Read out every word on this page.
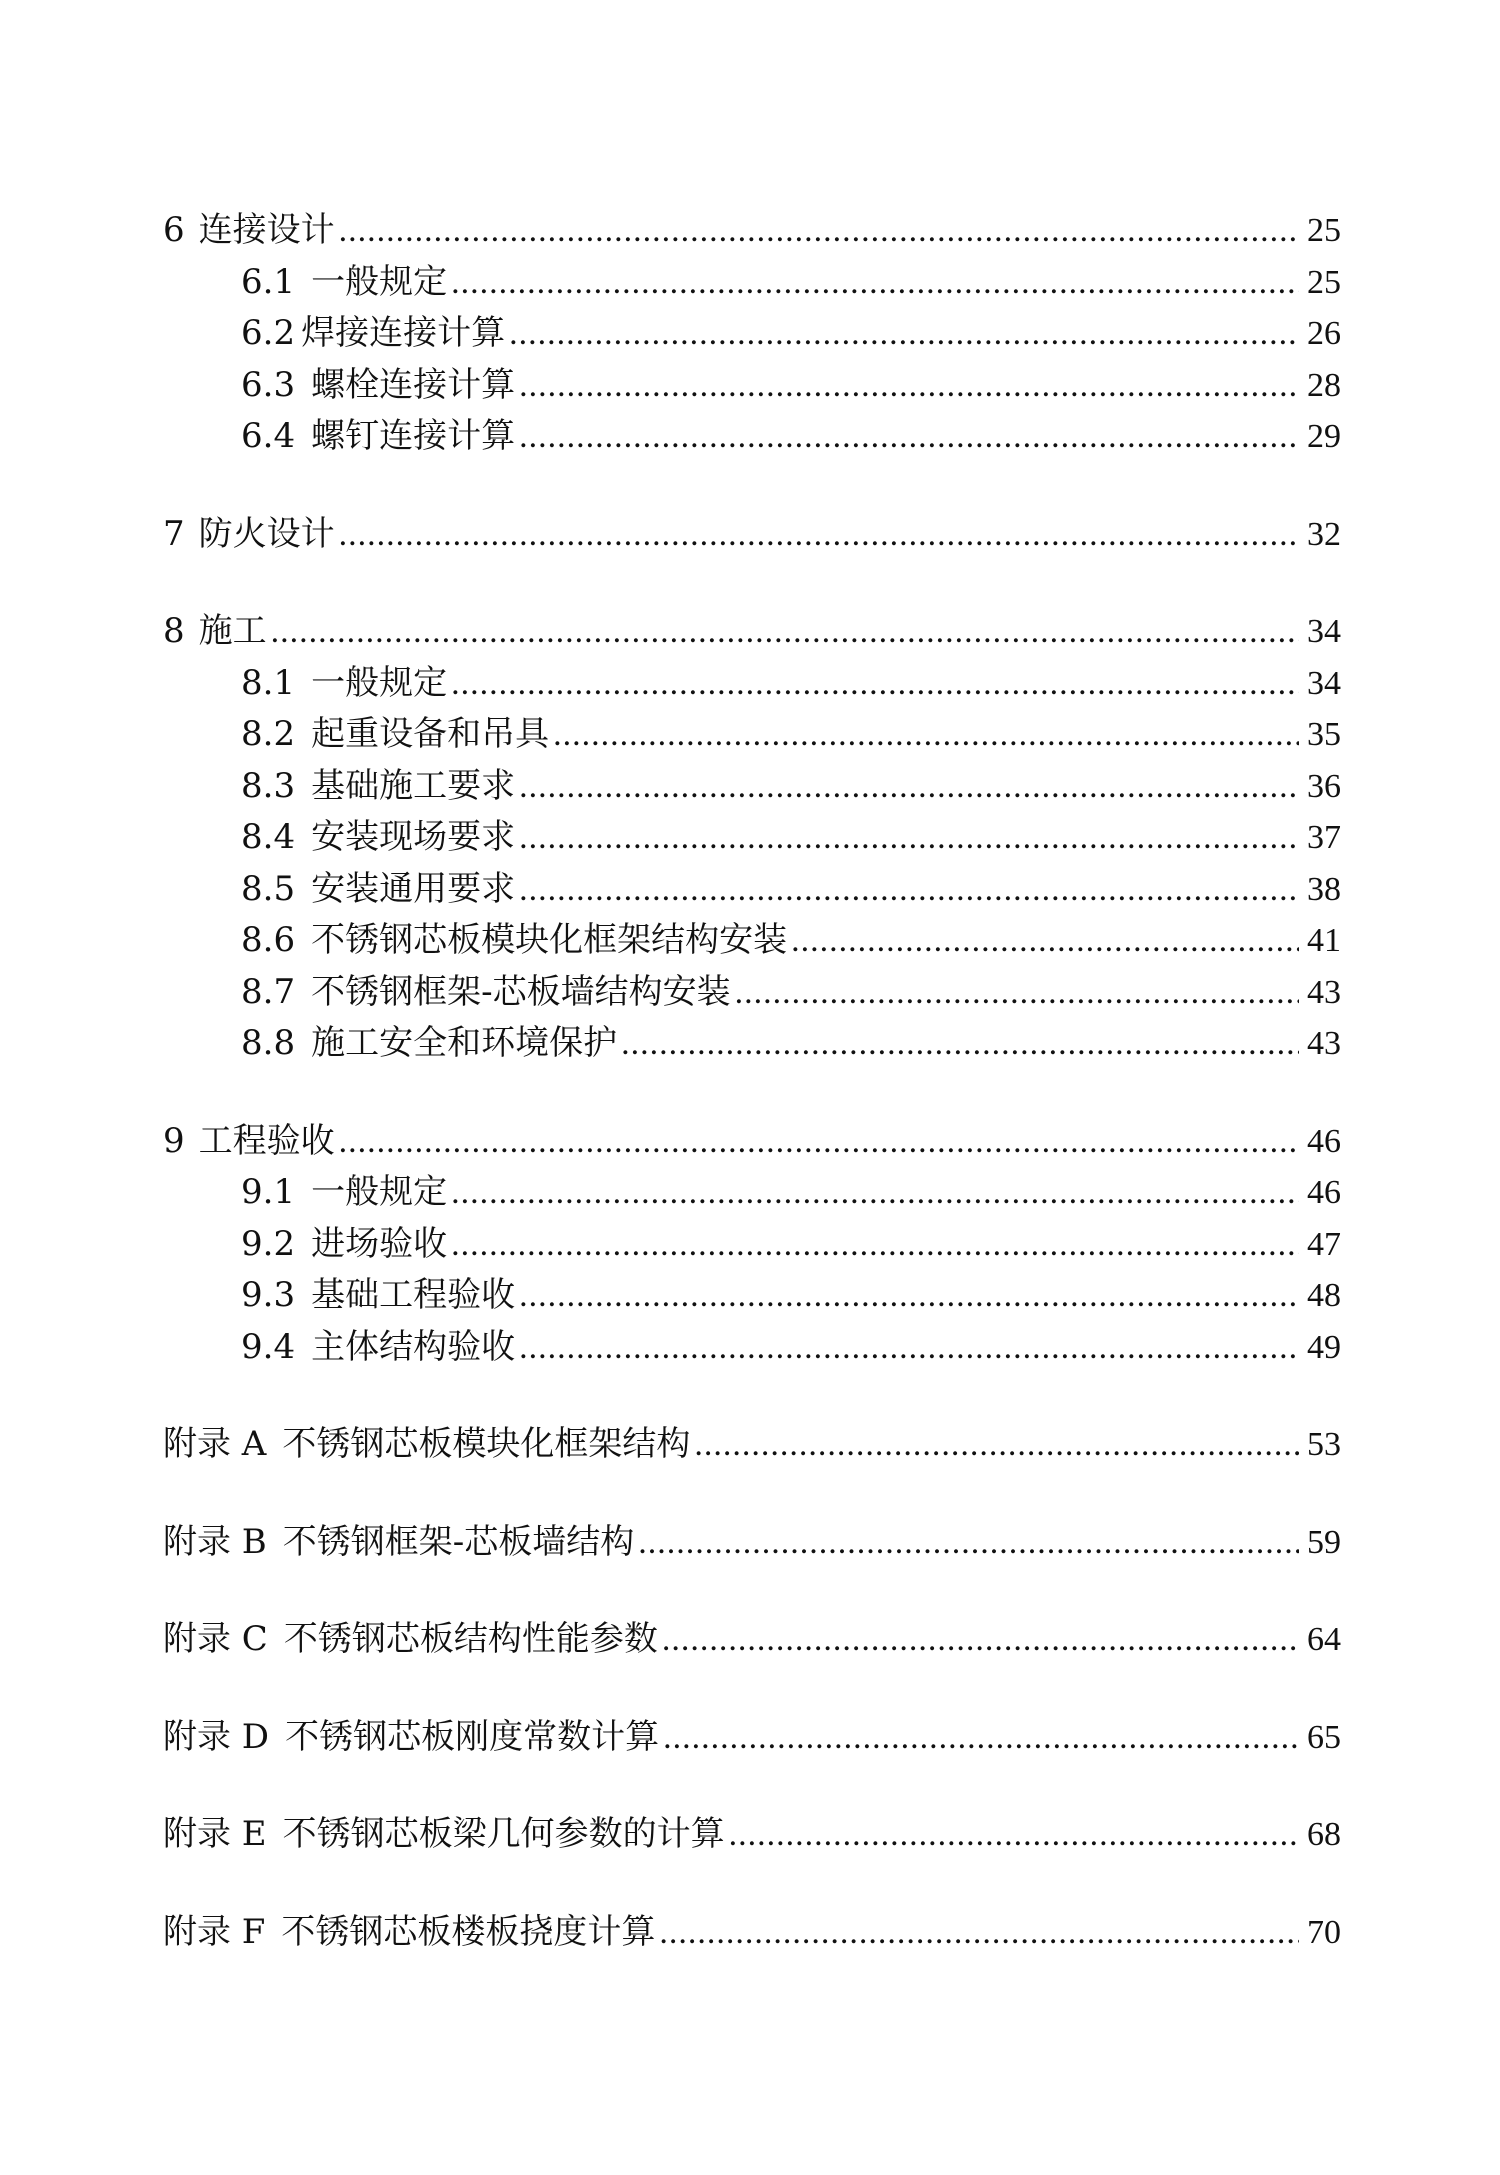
6 连接设计 .....	25
6.1 一般规定 .....	25
6.2 焊接连接计算 .....	26
6.3 螺栓连接计算 .....	28
6.4 螺钉连接计算 .....	29
7 防火设计 .....	32
8 施工 .....	34
8.1 一般规定 .....	34
8.2 起重设备和吊具 .....	35
8.3 基础施工要求 .....	36
8.4 安装现场要求 .....	37
8.5 安装通用要求 .....	38
8.6 不锈钢芯板模块化框架结构安装 .....	41
8.7 不锈钢框架-芯板墙结构安装 .....	43
8.8 施工安全和环境保护 .....	43
9 工程验收 .....	46
9.1 一般规定 .....	46
9.2 进场验收 .....	47
9.3 基础工程验收 .....	48
9.4 主体结构验收 .....	49
附录 A 不锈钢芯板模块化框架结构 .....	53
附录 B 不锈钢框架-芯板墙结构 .....	59
附录 C 不锈钢芯板结构性能参数 .....	64
附录 D 不锈钢芯板刚度常数计算 .....	65
附录 E 不锈钢芯板梁几何参数的计算 .....	68
附录 F 不锈钢芯板楼板挠度计算 .....	70
